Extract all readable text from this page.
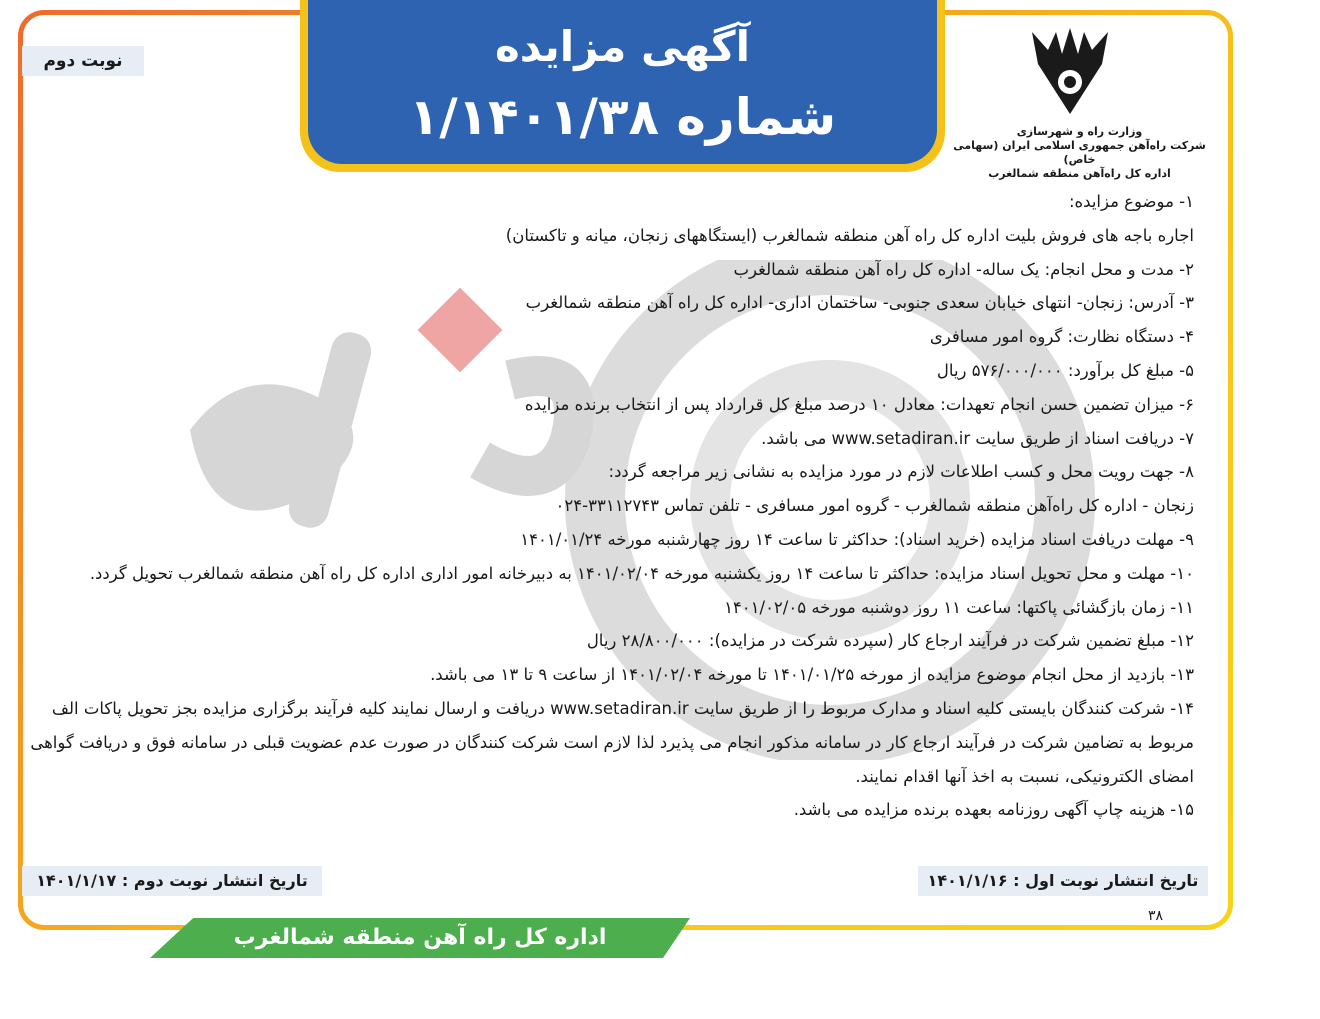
آگهی مزایده
شماره ۱/۱۴۰۱/۳۸
نوبت دوم
وزارت راه و شهرسازی
شرکت راه‌آهن جمهوری اسلامی ایران (سهامی خاص)
اداره کل راه‌آهن منطقه شمالغرب

۱- موضوع مزایده:

اجاره باجه های فروش بلیت اداره کل راه آهن منطقه شمالغرب (ایستگاههای زنجان، میانه و تاکستان)

۲- مدت و محل انجام: یک ساله- اداره کل راه آهن منطقه شمالغرب

۳- آدرس: زنجان- انتهای خیابان سعدی جنوبی- ساختمان اداری- اداره کل راه آهن منطقه شمالغرب

۴- دستگاه نظارت: گروه امور مسافری

۵- مبلغ کل برآورد: ۵۷۶/۰۰۰/۰۰۰ ریال

۶- میزان تضمین حسن انجام تعهدات: معادل ۱۰ درصد مبلغ کل قرارداد پس از انتخاب برنده مزایده

۷- دریافت اسناد از طریق سایت www.setadiran.ir می باشد.

۸- جهت رویت محل و کسب اطلاعات لازم در مورد مزایده به نشانی زیر مراجعه گردد:

زنجان - اداره کل راه‌آهن منطقه شمالغرب - گروه امور مسافری - تلفن تماس ۳۳۱۱۲۷۴۳-۰۲۴

۹- مهلت دریافت اسناد مزایده (خرید اسناد): حداکثر تا ساعت ۱۴ روز چهارشنبه مورخه ۱۴۰۱/۰۱/۲۴

۱۰- مهلت و محل تحویل اسناد مزایده: حداکثر تا ساعت ۱۴ روز یکشنبه مورخه ۱۴۰۱/۰۲/۰۴ به دبیرخانه امور اداری اداره کل راه آهن منطقه شمالغرب تحویل گردد.

۱۱- زمان بازگشائی پاکتها: ساعت ۱۱ روز دوشنبه مورخه ۱۴۰۱/۰۲/۰۵

۱۲- مبلغ تضمین شرکت در فرآیند ارجاع کار (سپرده شرکت در مزایده): ۲۸/۸۰۰/۰۰۰ ریال

۱۳- بازدید از محل انجام موضوع مزایده از مورخه ۱۴۰۱/۰۱/۲۵ تا مورخه ۱۴۰۱/۰۲/۰۴ از ساعت ۹ تا ۱۳ می باشد.

۱۴- شرکت کنندگان بایستی کلیه اسناد و مدارک مربوط را از طریق سایت www.setadiran.ir دریافت و ارسال نمایند کلیه فرآیند برگزاری مزایده بجز تحویل پاکات الف مربوط به تضامین شرکت در فرآیند ارجاع کار در سامانه مذکور انجام می پذیرد لذا لازم است شرکت کنندگان در صورت عدم عضویت قبلی در سامانه فوق و دریافت گواهی امضای الکترونیکی، نسبت به اخذ آنها اقدام نمایند.

۱۵- هزینه چاپ آگهی روزنامه بعهده برنده مزایده می باشد.

تاریخ انتشار نوبت اول : ۱۴۰۱/۱/۱۶
تاریخ انتشار نوبت دوم : ۱۴۰۱/۱/۱۷
۳۸
اداره کل راه آهن منطقه شمالغرب
